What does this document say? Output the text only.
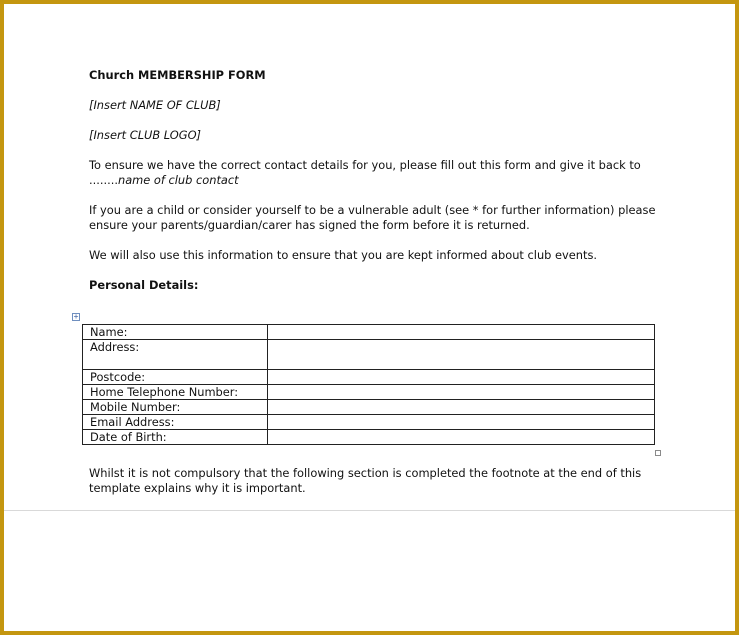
Church MEMBERSHIP FORM
[Insert NAME OF CLUB]
[Insert CLUB LOGO]

To ensure we have the correct contact details for you, please fill out this form and give it back to ........name of club contact

If you are a child or consider yourself to be a vulnerable adult (see * for further information) please ensure your parents/guardian/carer has signed the form before it is returned.

We will also use this information to ensure that you are kept informed about club events.

Personal Details:
+
Name:	
Address:	
Postcode:	
Home Telephone Number:	
Mobile Number:	
Email Address:	
Date of Birth:	
Whilst it is not compulsory that the following section is completed the footnote at the end of this template explains why it is important.
